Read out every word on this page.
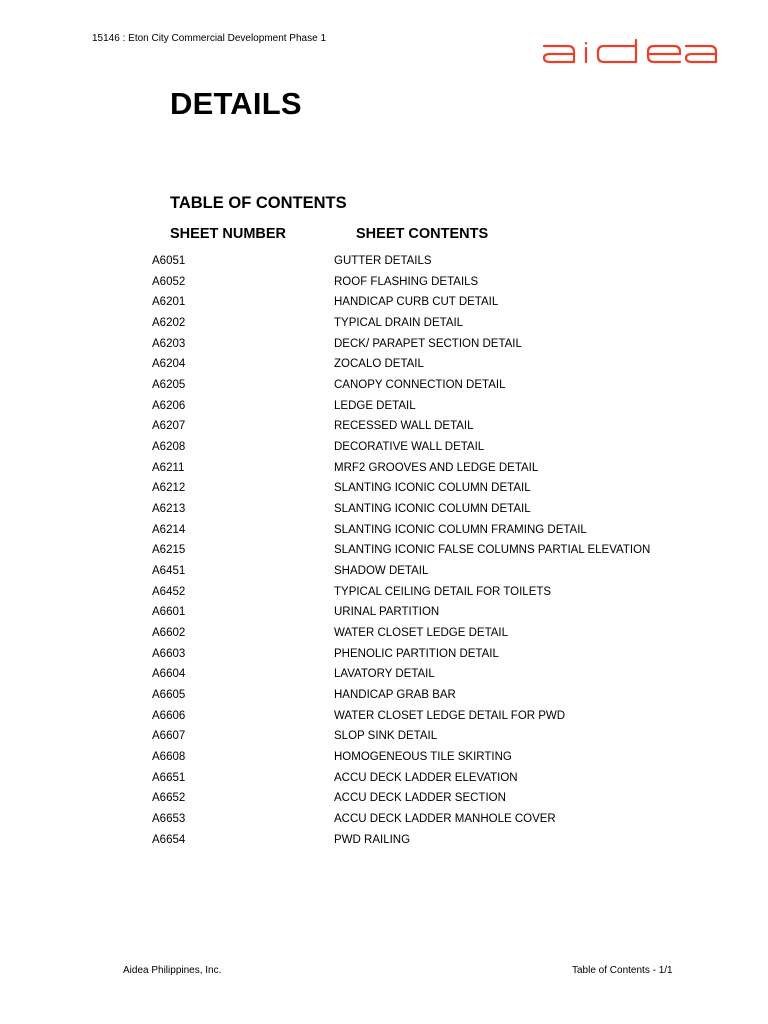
15146 : Eton City Commercial Development Phase 1
DETAILS
TABLE OF CONTENTS
SHEET NUMBER	SHEET CONTENTS
A6051	GUTTER DETAILS
A6052	ROOF FLASHING DETAILS
A6201	HANDICAP CURB CUT DETAIL
A6202	TYPICAL DRAIN DETAIL
A6203	DECK/ PARAPET SECTION DETAIL
A6204	ZOCALO DETAIL
A6205	CANOPY CONNECTION DETAIL
A6206	LEDGE DETAIL
A6207	RECESSED WALL DETAIL
A6208	DECORATIVE WALL DETAIL
A6211	MRF2 GROOVES AND LEDGE DETAIL
A6212	SLANTING ICONIC COLUMN DETAIL
A6213	SLANTING ICONIC COLUMN DETAIL
A6214	SLANTING ICONIC COLUMN FRAMING DETAIL
A6215	SLANTING ICONIC FALSE COLUMNS PARTIAL ELEVATION
A6451	SHADOW DETAIL
A6452	TYPICAL CEILING DETAIL FOR TOILETS
A6601	URINAL PARTITION
A6602	WATER CLOSET LEDGE DETAIL
A6603	PHENOLIC PARTITION DETAIL
A6604	LAVATORY DETAIL
A6605	HANDICAP GRAB BAR
A6606	WATER CLOSET LEDGE DETAIL FOR PWD
A6607	SLOP SINK DETAIL
A6608	HOMOGENEOUS TILE SKIRTING
A6651	ACCU DECK LADDER ELEVATION
A6652	ACCU DECK LADDER SECTION
A6653	ACCU DECK LADDER MANHOLE COVER
A6654	PWD RAILING
Aidea Philippines, Inc.	Table of Contents - 1/1
